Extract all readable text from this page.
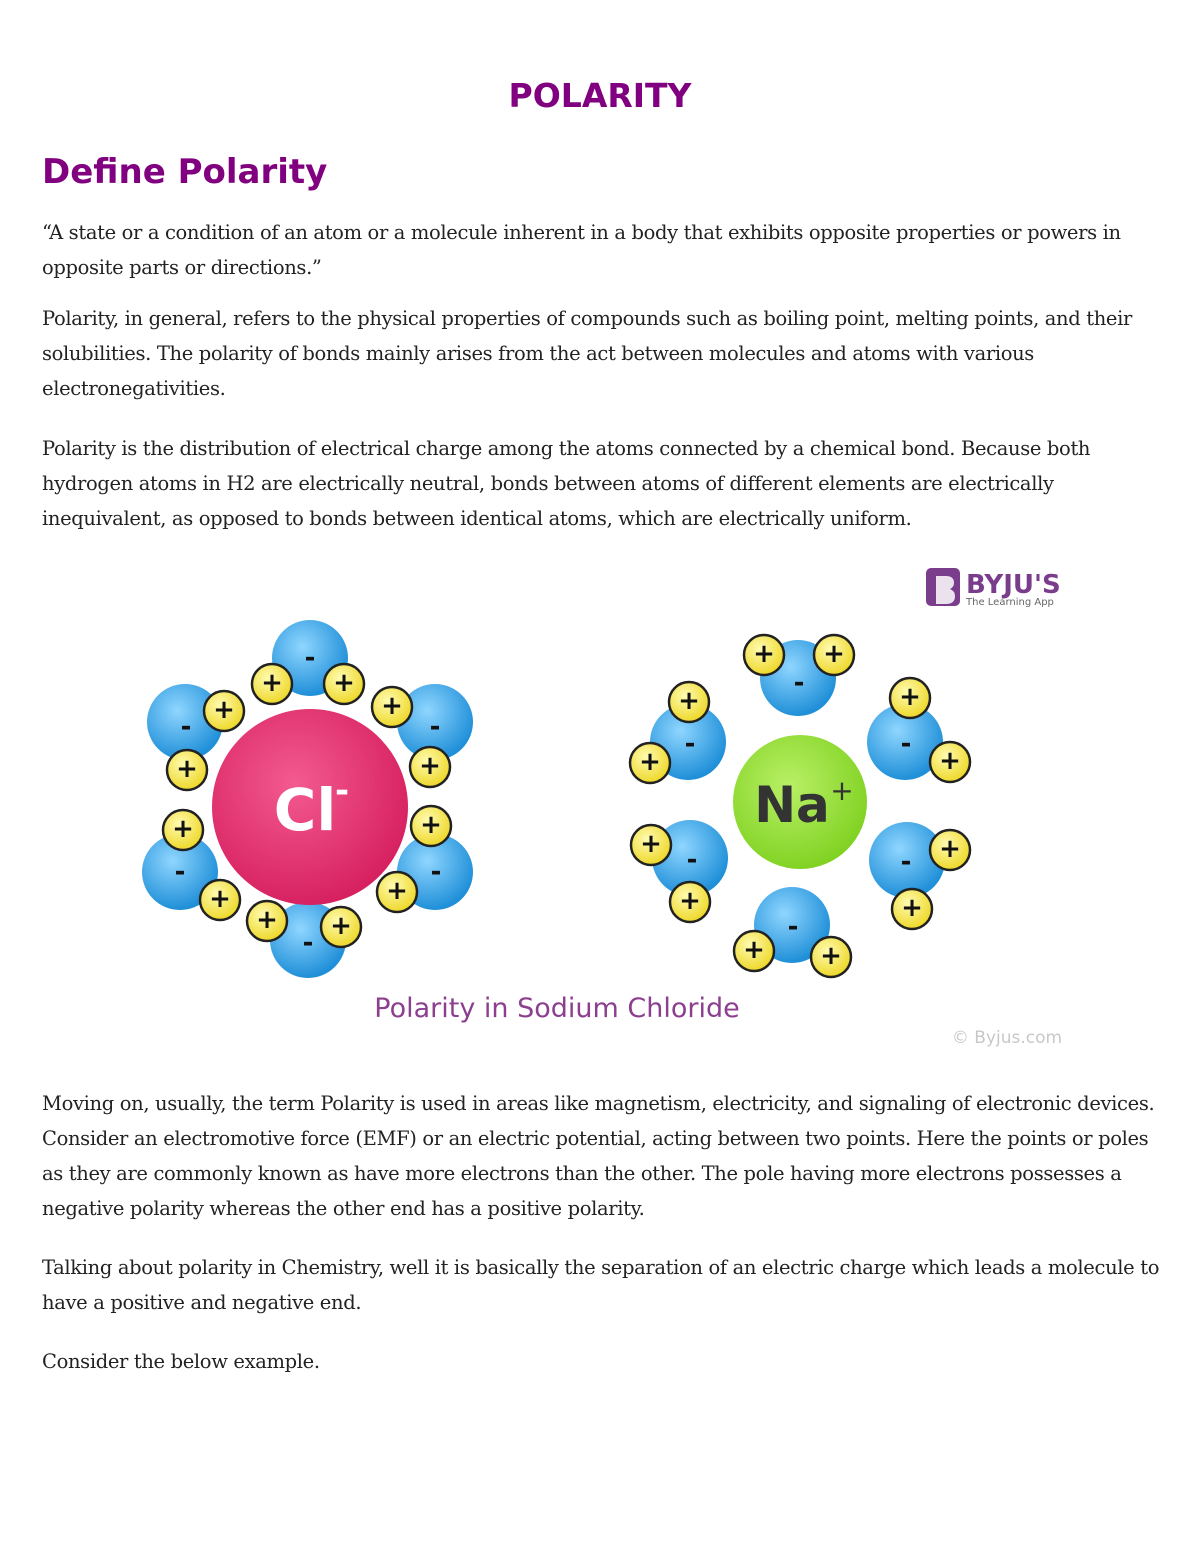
POLARITY
Define Polarity

“A state or a condition of an atom or a molecule inherent in a body that exhibits opposite properties or powers in opposite parts or directions.”

Polarity, in general, refers to the physical properties of compounds such as boiling point, melting points, and their solubilities. The polarity of bonds mainly arises from the act between molecules and atoms with various electronegativities.

Polarity is the distribution of electrical charge among the atoms connected by a chemical bond. Because both hydrogen atoms in H2 are electrically neutral, bonds between atoms of different elements are electrically inequivalent, as opposed to bonds between identical atoms, which are electrically uniform.

BYJU'S
The Learning App
-
+ +
-
+
+
-
+
+
-
+
+
-
+
+
-
+ +
-
+ +
-
+
+
-
+
+
-
+
+
- +
+
-
+ +
Cl
-	Na +
Polarity in Sodium Chloride
© Byjus.com

Moving on, usually, the term Polarity is used in areas like magnetism, electricity, and signaling of electronic devices. Consider an electromotive force (EMF) or an electric potential, acting between two points. Here the points or poles as they are commonly known as have more electrons than the other. The pole having more electrons possesses a negative polarity whereas the other end has a positive polarity.

Talking about polarity in Chemistry, well it is basically the separation of an electric charge which leads a molecule to have a positive and negative end.

Consider the below example.
